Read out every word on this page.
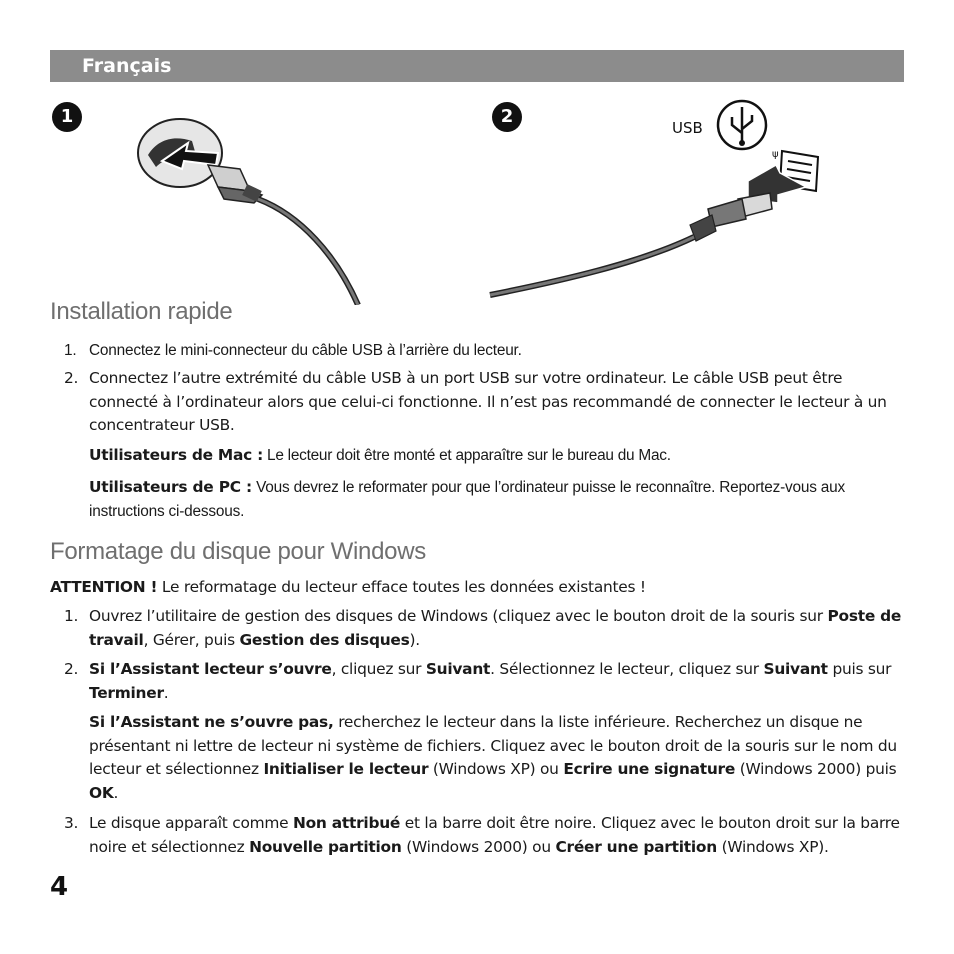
Français
1	2
USB
ψ
Installation rapide
1. Connectez le mini-connecteur du câble USB à l’arrière du lecteur.
2. Connectez l’autre extrémité du câble USB à un port USB sur votre ordinateur. Le câble USB peut être connecté à l’ordinateur alors que celui-ci fonctionne. Il n’est pas recommandé de connecter le lecteur à un concentrateur USB.

Utilisateurs de Mac : Le lecteur doit être monté et apparaître sur le bureau du Mac.

Utilisateurs de PC : Vous devrez le reformater pour que l’ordinateur puisse le reconnaître. Reportez-vous aux instructions ci-dessous.

Formatage du disque pour Windows

ATTENTION ! Le reformatage du lecteur efface toutes les données existantes !

1. Ouvrez l’utilitaire de gestion des disques de Windows (cliquez avec le bouton droit de la souris sur Poste de travail, Gérer, puis Gestion des disques).
2. Si l’Assistant lecteur s’ouvre, cliquez sur Suivant. Sélectionnez le lecteur, cliquez sur Suivant puis sur Terminer.

Si l’Assistant ne s’ouvre pas, recherchez le lecteur dans la liste inférieure. Recherchez un disque ne présentant ni lettre de lecteur ni système de fichiers. Cliquez avec le bouton droit de la souris sur le nom du lecteur et sélectionnez Initialiser le lecteur (Windows XP) ou Ecrire une signature (Windows 2000) puis OK.

3. Le disque apparaît comme Non attribué et la barre doit être noire. Cliquez avec le bouton droit sur la barre noire et sélectionnez Nouvelle partition (Windows 2000) ou Créer une partition (Windows XP).
4
